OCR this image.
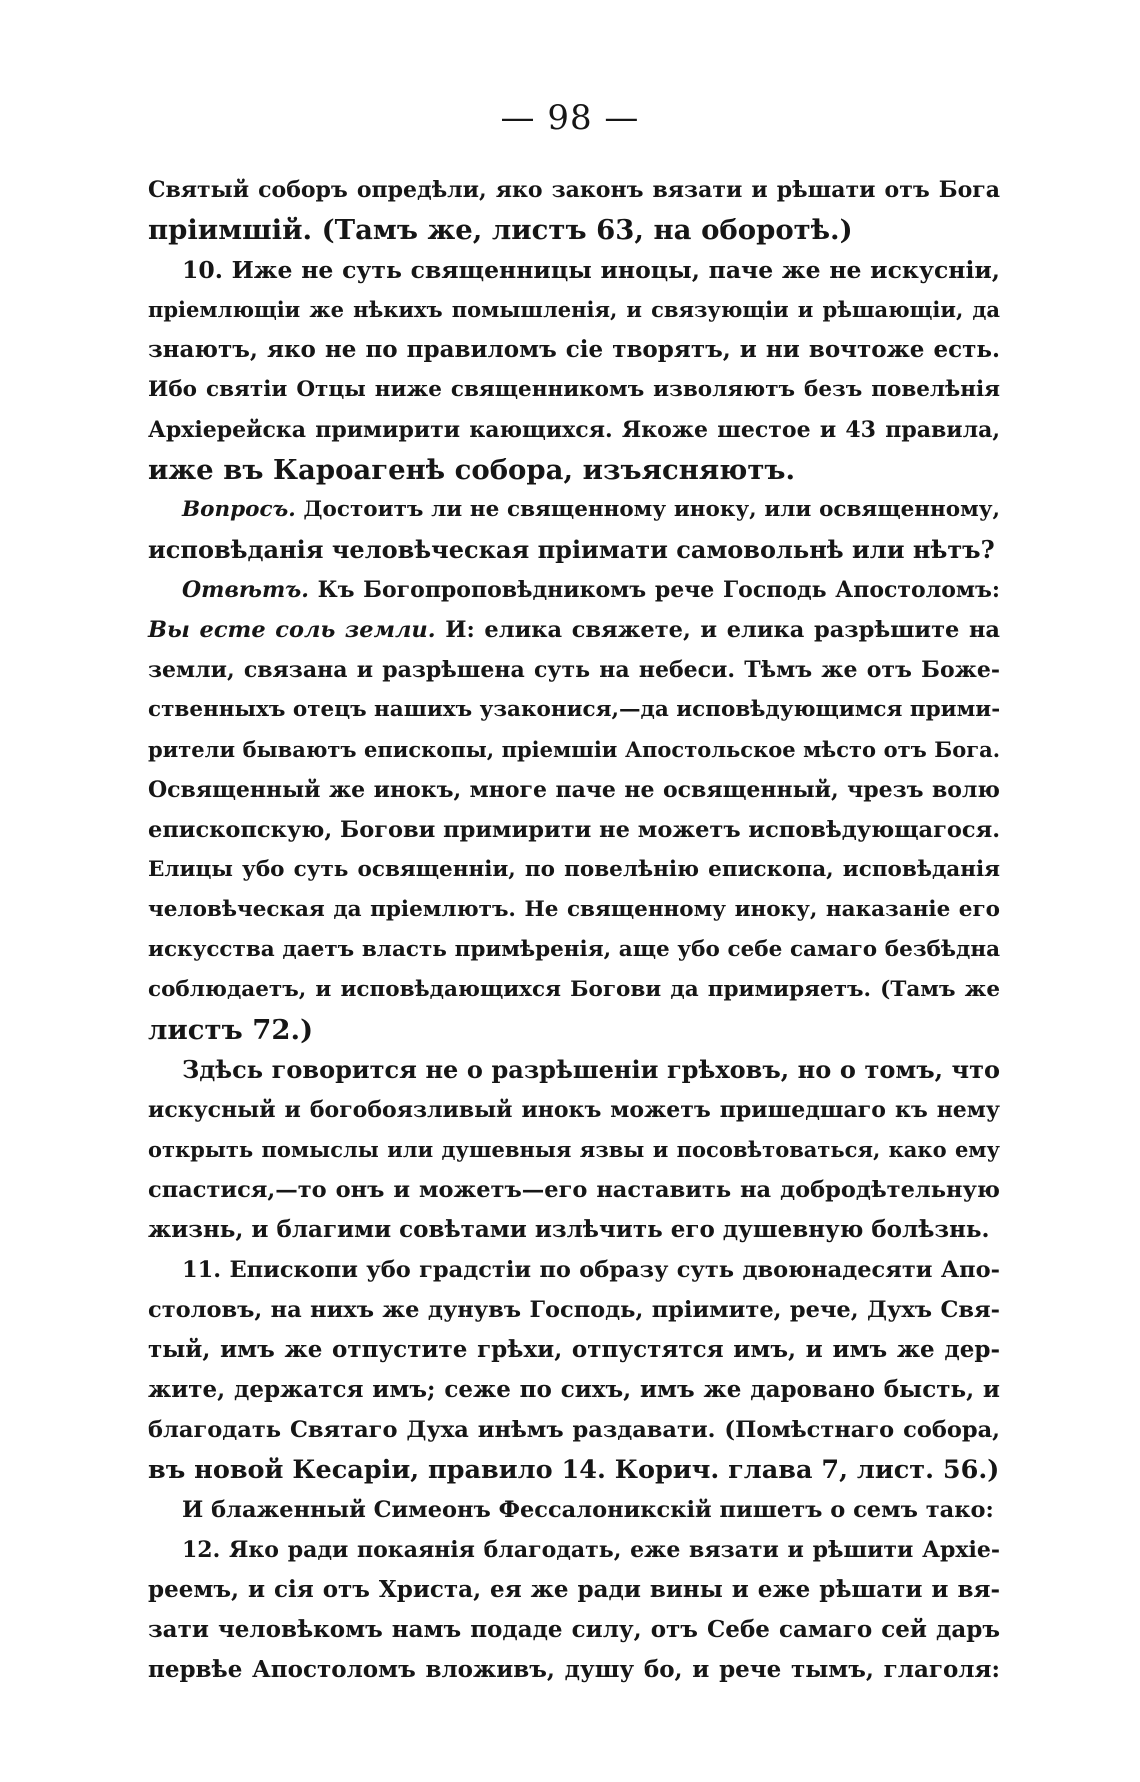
— 98 —
Святый соборъ опредѣли, яко законъ вязати и рѣшати отъ Бога
пріимшій. (Тамъ же, листъ 63, на оборотѣ.)
10. Иже не суть священницы иноцы, паче же не искусніи,
пріемлющіи же нѣкихъ помышленія, и связующіи и рѣшающіи, да
знаютъ, яко не по правиломъ сіе творятъ, и ни вочтоже есть.
Ибо святіи Отцы ниже священникомъ изволяютъ безъ повелѣнія
Архіерейска примирити кающихся. Якоже шестое и 43 правила,
иже въ Кароагенѣ собора, изъясняютъ.
Вопросъ. Достоитъ ли не священному иноку, или освященному,
исповѣданія человѣческая пріимати самовольнѣ или нѣтъ?
Отвѣтъ. Къ Богопроповѣдникомъ рече Господь Апостоломъ:
Вы есте соль земли. И: елика свяжете, и елика разрѣшите на
земли, связана и разрѣшена суть на небеси. Тѣмъ же отъ Боже-
ственныхъ отецъ нашихъ узаконися,—да исповѣдующимся прими-
рители бываютъ епископы, пріемшіи Апостольское мѣсто отъ Бога.
Освященный же инокъ, многе паче не освященный, чрезъ волю
епископскую, Богови примирити не можетъ исповѣдующагося.
Елицы убо суть освященніи, по повелѣнію епископа, исповѣданія
человѣческая да пріемлютъ. Не священному иноку, наказаніе его
искусства даетъ власть примѣренія, аще убо себе самаго безбѣдна
соблюдаетъ, и исповѣдающихся Богови да примиряетъ. (Тамъ же
листъ 72.)
Здѣсь говорится не о разрѣшеніи грѣховъ, но о томъ, что
искусный и богобоязливый инокъ можетъ пришедшаго къ нему
открыть помыслы или душевныя язвы и посовѣтоваться, како ему
спастися,—то онъ и можетъ—его наставить на добродѣтельную
жизнь, и благими совѣтами излѣчить его душевную болѣзнь.
11. Епископи убо градстіи по образу суть двоюнадесяти Апо-
столовъ, на нихъ же дунувъ Господь, пріимите, рече, Духъ Свя-
тый, имъ же отпустите грѣхи, отпустятся имъ, и имъ же дер-
жите, держатся имъ; сеже по сихъ, имъ же даровано бысть, и
благодать Святаго Духа инѣмъ раздавати. (Помѣстнаго собора,
въ новой Кесаріи, правило 14. Корич. глава 7, лист. 56.)
И блаженный Симеонъ Фессалоникскій пишетъ о семъ тако:
12. Яко ради покаянія благодать, еже вязати и рѣшити Архіе-
реемъ, и сія отъ Христа, ея же ради вины и еже рѣшати и вя-
зати человѣкомъ намъ подаде силу, отъ Себе самаго сей даръ
первѣе Апостоломъ вложивъ, душу бо, и рече тымъ, глаголя:
